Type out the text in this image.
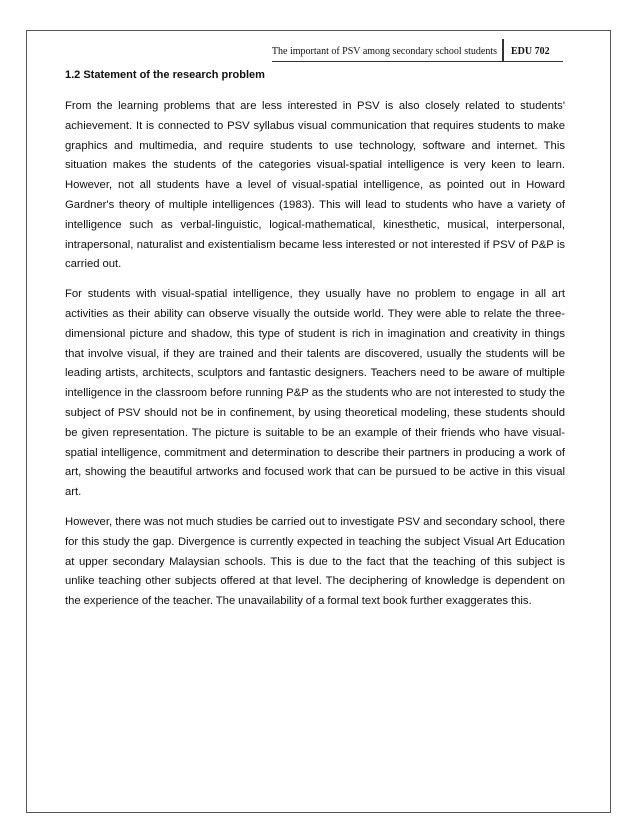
The important of PSV among secondary school students	EDU 702
1.2 Statement of the research problem

From the learning problems that are less interested in PSV is also closely related to students' achievement. It is connected to PSV syllabus visual communication that requires students to make graphics and multimedia, and require students to use technology, software and internet. This situation makes the students of the categories visual-spatial intelligence is very keen to learn. However, not all students have a level of visual-spatial intelligence, as pointed out in Howard Gardner's theory of multiple intelligences (1983). This will lead to students who have a variety of intelligence such as verbal-linguistic, logical-mathematical, kinesthetic, musical, interpersonal, intrapersonal, naturalist and existentialism became less interested or not interested if PSV of P&P is carried out.

For students with visual-spatial intelligence, they usually have no problem to engage in all art activities as their ability can observe visually the outside world. They were able to relate the three-dimensional picture and shadow, this type of student is rich in imagination and creativity in things that involve visual, if they are trained and their talents are discovered, usually the students will be leading artists, architects, sculptors and fantastic designers. Teachers need to be aware of multiple intelligence in the classroom before running P&P as the students who are not interested to study the subject of PSV should not be in confinement, by using theoretical modeling, these students should be given representation. The picture is suitable to be an example of their friends who have visual-spatial intelligence, commitment and determination to describe their partners in producing a work of art, showing the beautiful artworks and focused work that can be pursued to be active in this visual art.

However, there was not much studies be carried out to investigate PSV and secondary school, there for this study the gap. Divergence is currently expected in teaching the subject Visual Art Education at upper secondary Malaysian schools. This is due to the fact that the teaching of this subject is unlike teaching other subjects offered at that level. The deciphering of knowledge is dependent on the experience of the teacher. The unavailability of a formal text book further exaggerates this.
